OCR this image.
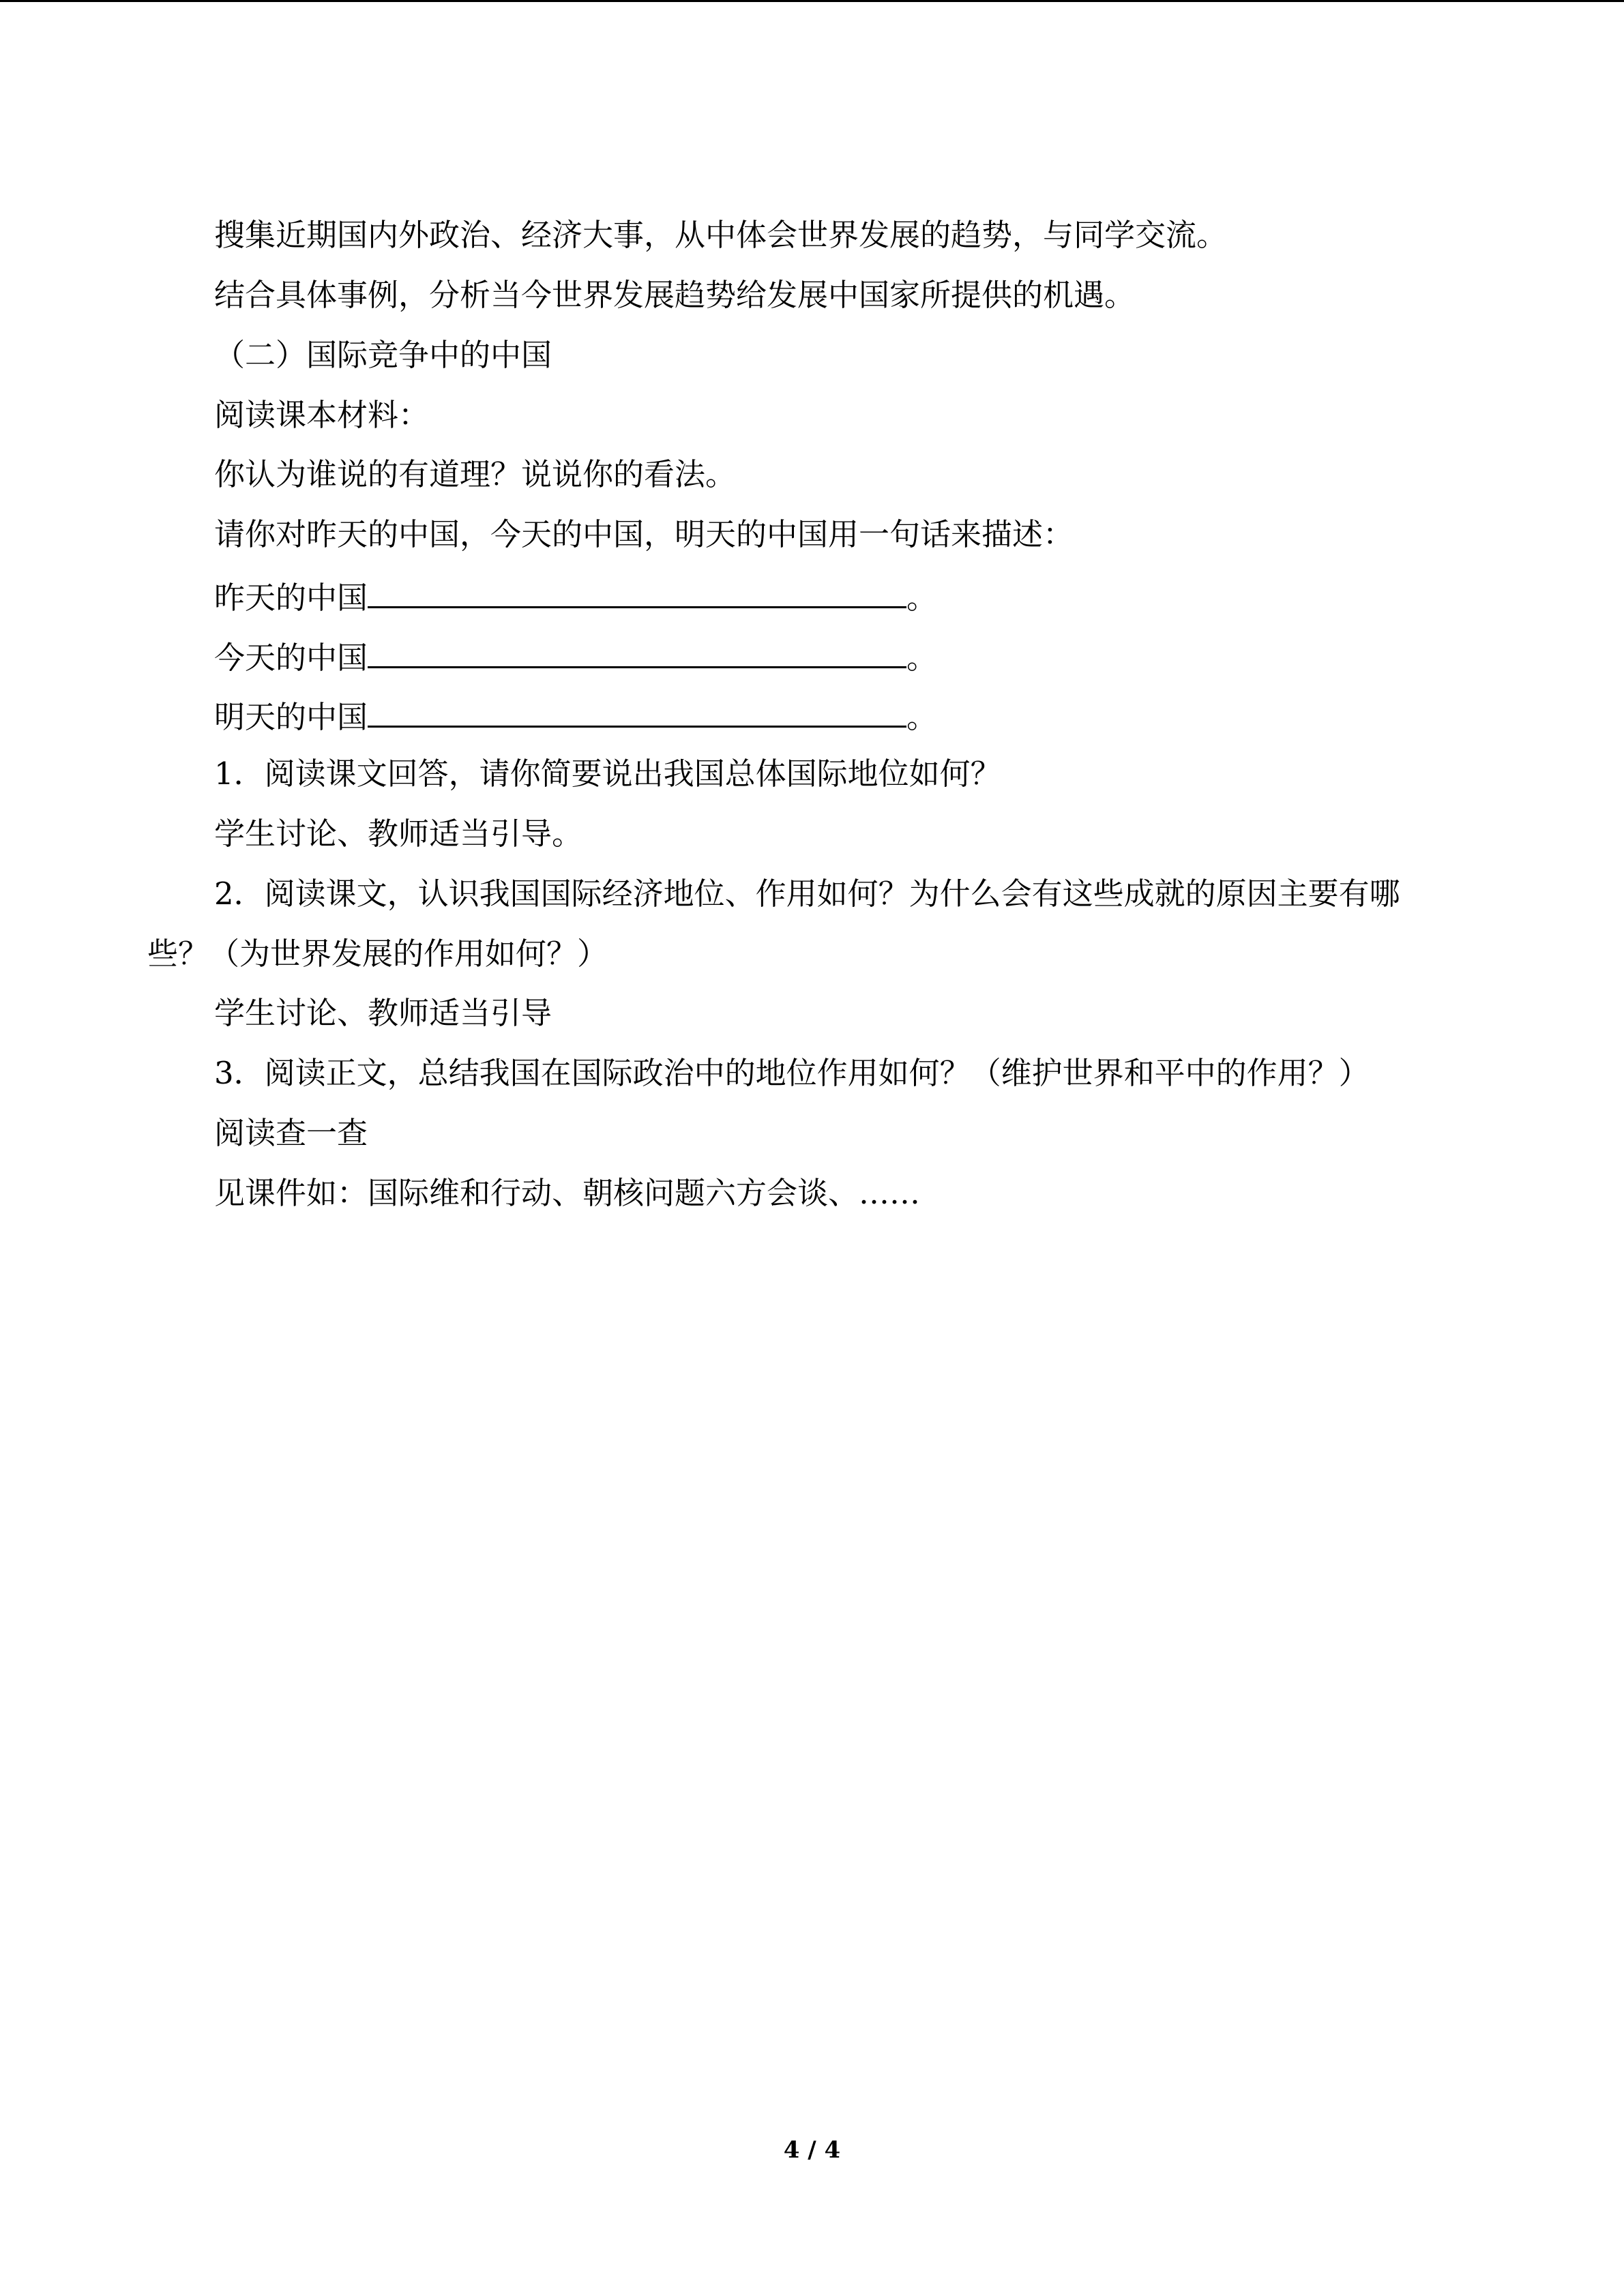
搜集近期国内外政治、经济大事，从中体会世界发展的趋势，与同学交流。
结合具体事例，分析当今世界发展趋势给发展中国家所提供的机遇。
（二）国际竞争中的中国
阅读课本材料：
你认为谁说的有道理？说说你的看法。
请你对昨天的中国，今天的中国，明天的中国用一句话来描述：
昨天的中国	。
今天的中国	。
明天的中国	。
1．阅读课文回答，请你简要说出我国总体国际地位如何？
学生讨论、教师适当引导。
2．阅读课文，认识我国国际经济地位、作用如何？为什么会有这些成就的原因主要有哪
些？（为世界发展的作用如何？）
学生讨论、教师适当引导
3．阅读正文，总结我国在国际政治中的地位作用如何？（维护世界和平中的作用？）
阅读查一查
见课件如：国际维和行动、朝核问题六方会谈、……
4 / 4
